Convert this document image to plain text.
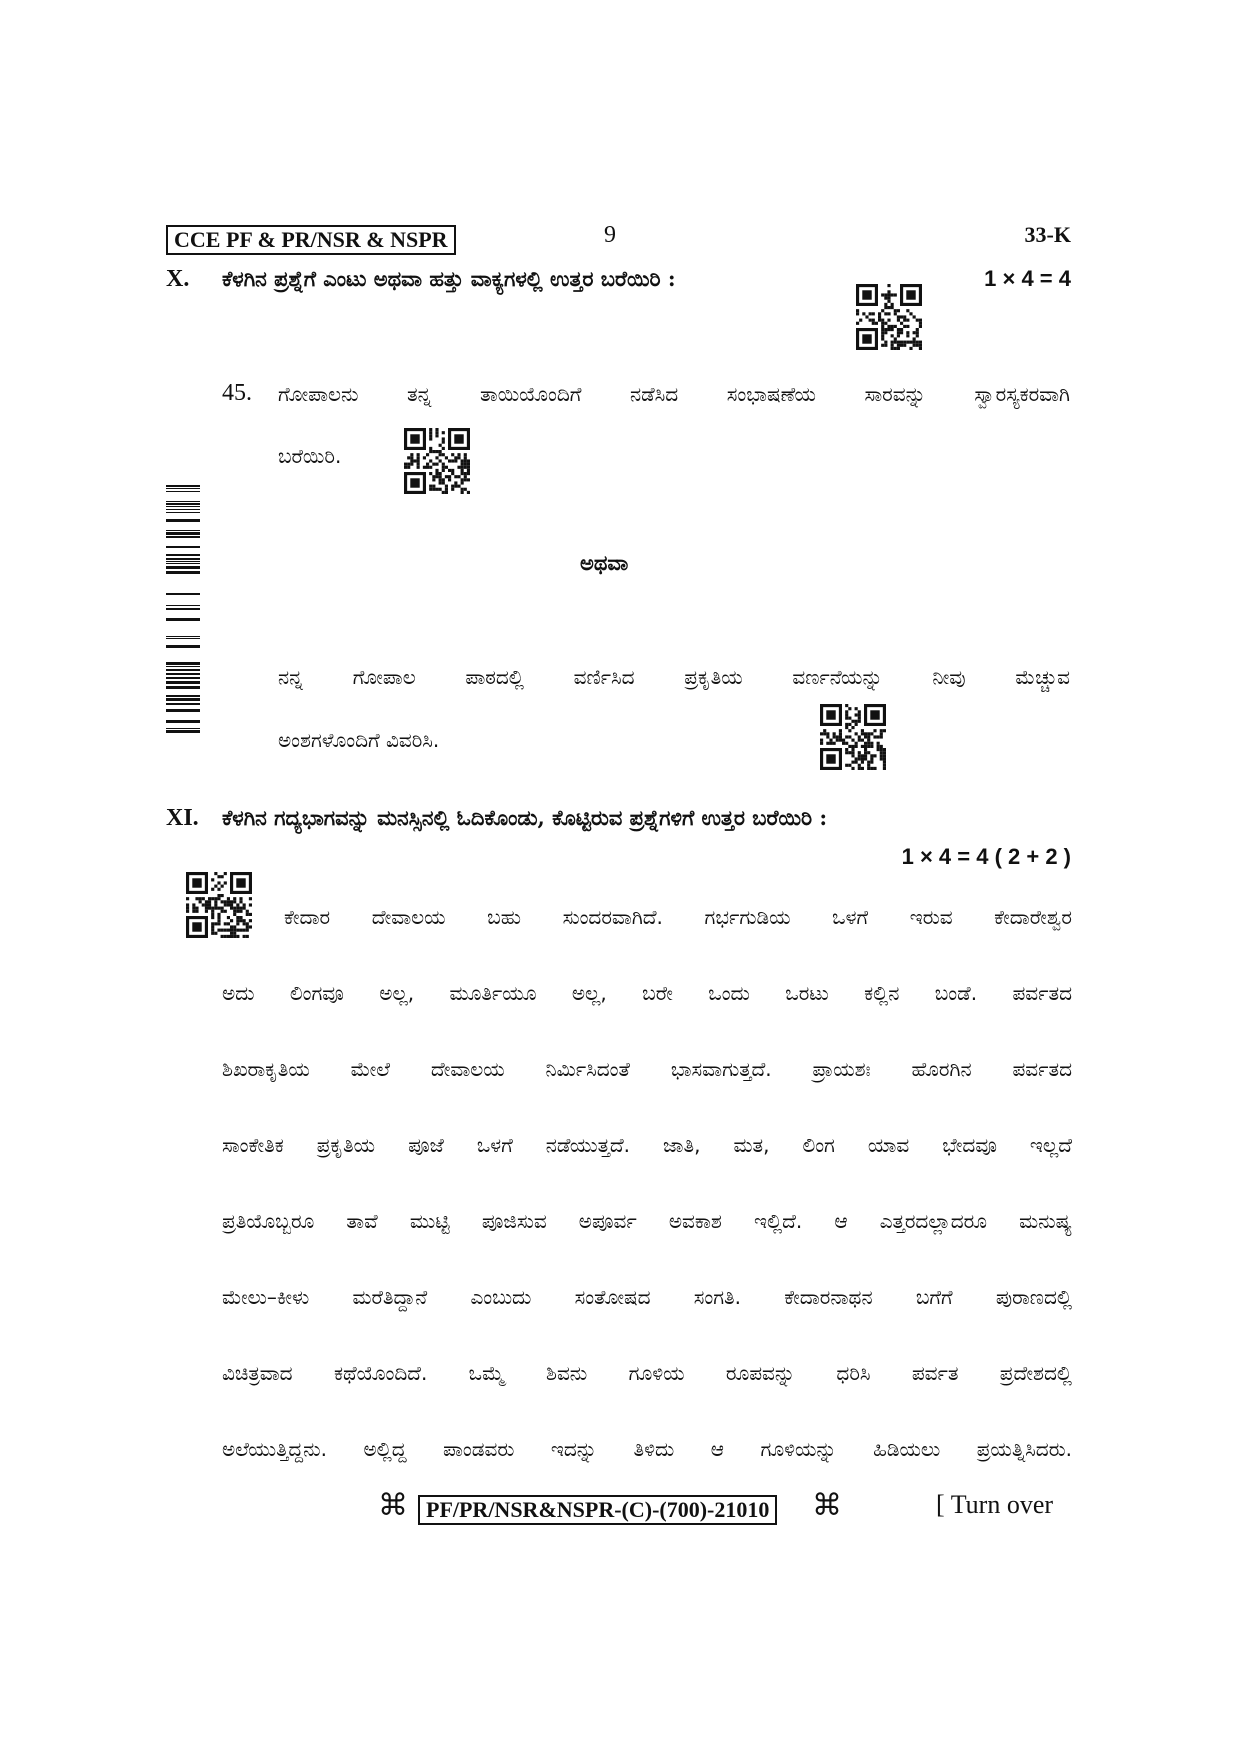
CCE PF & PR/NSR & NSPR	9	33-K
X. ಕೆಳಗಿನ ಪ್ರಶ್ನೆಗೆ ಎಂಟು ಅಥವಾ ಹತ್ತು ವಾಕ್ಯಗಳಲ್ಲಿ ಉತ್ತರ ಬರೆಯಿರಿ :	1 × 4 = 4
45. ಗೋಪಾಲನು ತನ್ನ ತಾಯಿಯೊಂದಿಗೆ ನಡೆಸಿದ ಸಂಭಾಷಣೆಯ ಸಾರವನ್ನು ಸ್ವಾರಸ್ಯಕರವಾಗಿ
ಬರೆಯಿರಿ.
ಅಥವಾ
ನನ್ನ ಗೋಪಾಲ ಪಾಠದಲ್ಲಿ ವರ್ಣಿಸಿದ ಪ್ರಕೃತಿಯ ವರ್ಣನೆಯನ್ನು ನೀವು ಮೆಚ್ಚುವ
ಅಂಶಗಳೊಂದಿಗೆ ವಿವರಿಸಿ.
XI. ಕೆಳಗಿನ ಗದ್ಯಭಾಗವನ್ನು ಮನಸ್ಸಿನಲ್ಲಿ ಓದಿಕೊಂಡು, ಕೊಟ್ಟಿರುವ ಪ್ರಶ್ನೆಗಳಿಗೆ ಉತ್ತರ ಬರೆಯಿರಿ :
1 × 4 = 4 ( 2 + 2 )
ಕೇದಾರ ದೇವಾಲಯ ಬಹು ಸುಂದರವಾಗಿದೆ. ಗರ್ಭಗುಡಿಯ ಒಳಗೆ ಇರುವ ಕೇದಾರೇಶ್ವರ
ಅದು ಲಿಂಗವೂ ಅಲ್ಲ, ಮೂರ್ತಿಯೂ ಅಲ್ಲ, ಬರೇ ಒಂದು ಒರಟು ಕಲ್ಲಿನ ಬಂಡೆ. ಪರ್ವತದ
ಶಿಖರಾಕೃತಿಯ ಮೇಲೆ ದೇವಾಲಯ ನಿರ್ಮಿಸಿದಂತೆ ಭಾಸವಾಗುತ್ತದೆ. ಪ್ರಾಯಶಃ ಹೊರಗಿನ ಪರ್ವತದ
ಸಾಂಕೇತಿಕ ಪ್ರಕೃತಿಯ ಪೂಜೆ ಒಳಗೆ ನಡೆಯುತ್ತದೆ. ಜಾತಿ, ಮತ, ಲಿಂಗ ಯಾವ ಭೇದವೂ ಇಲ್ಲದೆ
ಪ್ರತಿಯೊಬ್ಬರೂ ತಾವೆ ಮುಟ್ಟಿ ಪೂಜಿಸುವ ಅಪೂರ್ವ ಅವಕಾಶ ಇಲ್ಲಿದೆ. ಆ ಎತ್ತರದಲ್ಲಾದರೂ ಮನುಷ್ಯ
ಮೇಲು–ಕೀಳು ಮರೆತಿದ್ದಾನೆ ಎಂಬುದು ಸಂತೋಷದ ಸಂಗತಿ. ಕೇದಾರನಾಥನ ಬಗೆಗೆ ಪುರಾಣದಲ್ಲಿ
ವಿಚಿತ್ರವಾದ ಕಥೆಯೊಂದಿದೆ. ಒಮ್ಮೆ ಶಿವನು ಗೂಳಿಯ ರೂಪವನ್ನು ಧರಿಸಿ ಪರ್ವತ ಪ್ರದೇಶದಲ್ಲಿ
ಅಲೆಯುತ್ತಿದ್ದನು. ಅಲ್ಲಿದ್ದ ಪಾಂಡವರು ಇದನ್ನು ತಿಳಿದು ಆ ಗೂಳಿಯನ್ನು ಹಿಡಿಯಲು ಪ್ರಯತ್ನಿಸಿದರು.
⌘ PF/PR/NSR&NSPR-(C)-(700)-21010 ⌘	[ Turn over
